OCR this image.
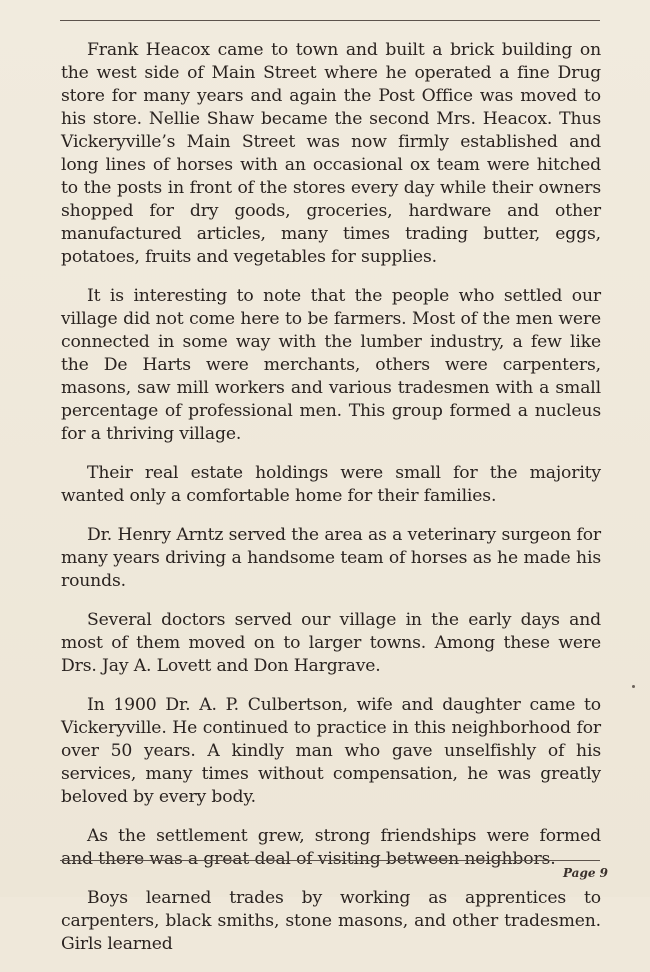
Frank Heacox came to town and built a brick building on the west side of Main Street where he operated a fine Drug store for many years and again the Post Office was moved to his store. Nellie Shaw became the second Mrs. Heacox. Thus Vickeryville’s Main Street was now firmly established and long lines of horses with an occasional ox team were hitched to the posts in front of the stores every day while their owners shopped for dry goods, groceries, hardware and other manufactured articles, many times trading butter, eggs, potatoes, fruits and vegetables for supplies.

It is interesting to note that the people who settled our village did not come here to be farmers. Most of the men were connected in some way with the lumber industry, a few like the De Harts were merchants, others were carpenters, masons, saw mill workers and various tradesmen with a small percentage of professional men. This group formed a nucleus for a thriving village.

Their real estate holdings were small for the majority wanted only a comfortable home for their families.

Dr. Henry Arntz served the area as a veterinary surgeon for many years driving a handsome team of horses as he made his rounds.

Several doctors served our village in the early days and most of them moved on to larger towns. Among these were Drs. Jay A. Lovett and Don Hargrave.

In 1900 Dr. A. P. Culbertson, wife and daughter came to Vickeryville. He continued to practice in this neighborhood for over 50 years. A kindly man who gave unselfishly of his services, many times without compensation, he was greatly beloved by every body.

As the settlement grew, strong friendships were formed and there was a great deal of visiting between neighbors.

Boys learned trades by working as apprentices to carpenters, black smiths, stone masons, and other tradesmen. Girls learned

Page 9
